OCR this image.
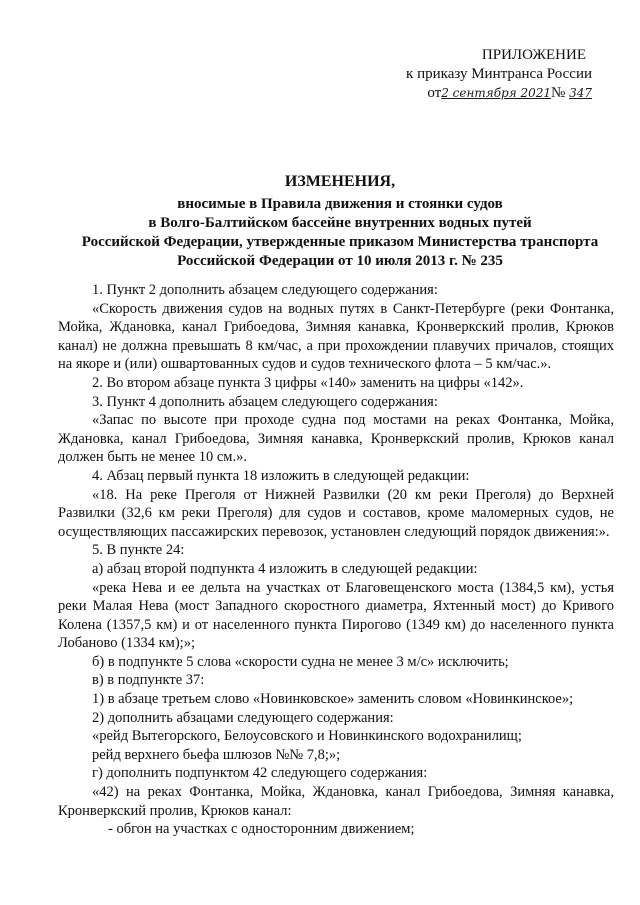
ПРИЛОЖЕНИЕ
к приказу Минтранса России
от2 сентября 2021№ 347
ИЗМЕНЕНИЯ,
вносимые в Правила движения и стоянки судов
в Волго-Балтийском бассейне внутренних водных путей
Российской Федерации, утвержденные приказом Министерства транспорта
Российской Федерации от 10 июля 2013 г. № 235

1. Пункт 2 дополнить абзацем следующего содержания:

«Скорость движения судов на водных путях в Санкт-Петербурге (реки Фонтанка, Мойка, Ждановка, канал Грибоедова, Зимняя канавка, Кронверкский пролив, Крюков канал) не должна превышать 8 км/час, а при прохождении плавучих причалов, стоящих на якоре и (или) ошвартованных судов и судов технического флота – 5 км/час.».

2. Во втором абзаце пункта 3 цифры «140» заменить на цифры «142».

3. Пункт 4 дополнить абзацем следующего содержания:

«Запас по высоте при проходе судна под мостами на реках Фонтанка, Мойка, Ждановка, канал Грибоедова, Зимняя канавка, Кронверкский пролив, Крюков канал должен быть не менее 10 см.».

4. Абзац первый пункта 18 изложить в следующей редакции:

«18. На реке Преголя от Нижней Развилки (20 км реки Преголя) до Верхней Развилки (32,6 км реки Преголя) для судов и составов, кроме маломерных судов, не осуществляющих пассажирских перевозок, установлен следующий порядок движения:».

5. В пункте 24:

а) абзац второй подпункта 4 изложить в следующей редакции:

«река Нева и ее дельта на участках от Благовещенского моста (1384,5 км), устья реки Малая Нева (мост Западного скоростного диаметра, Яхтенный мост) до Кривого Колена (1357,5 км) и от населенного пункта Пирогово (1349 км) до населенного пункта Лобаново (1334 км);»;

б) в подпункте 5 слова «скорости судна не менее 3 м/с» исключить;

в) в подпункте 37:

1) в абзаце третьем слово «Новинковское» заменить словом «Новинкинское»;

2) дополнить абзацами следующего содержания:

«рейд Вытегорского, Белоусовского и Новинкинского водохранилищ;

рейд верхнего бьефа шлюзов №№ 7,8;»;

г) дополнить подпунктом 42 следующего содержания:

«42) на реках Фонтанка, Мойка, Ждановка, канал Грибоедова, Зимняя канавка, Кронверкский пролив, Крюков канал:

- обгон на участках с односторонним движением;
